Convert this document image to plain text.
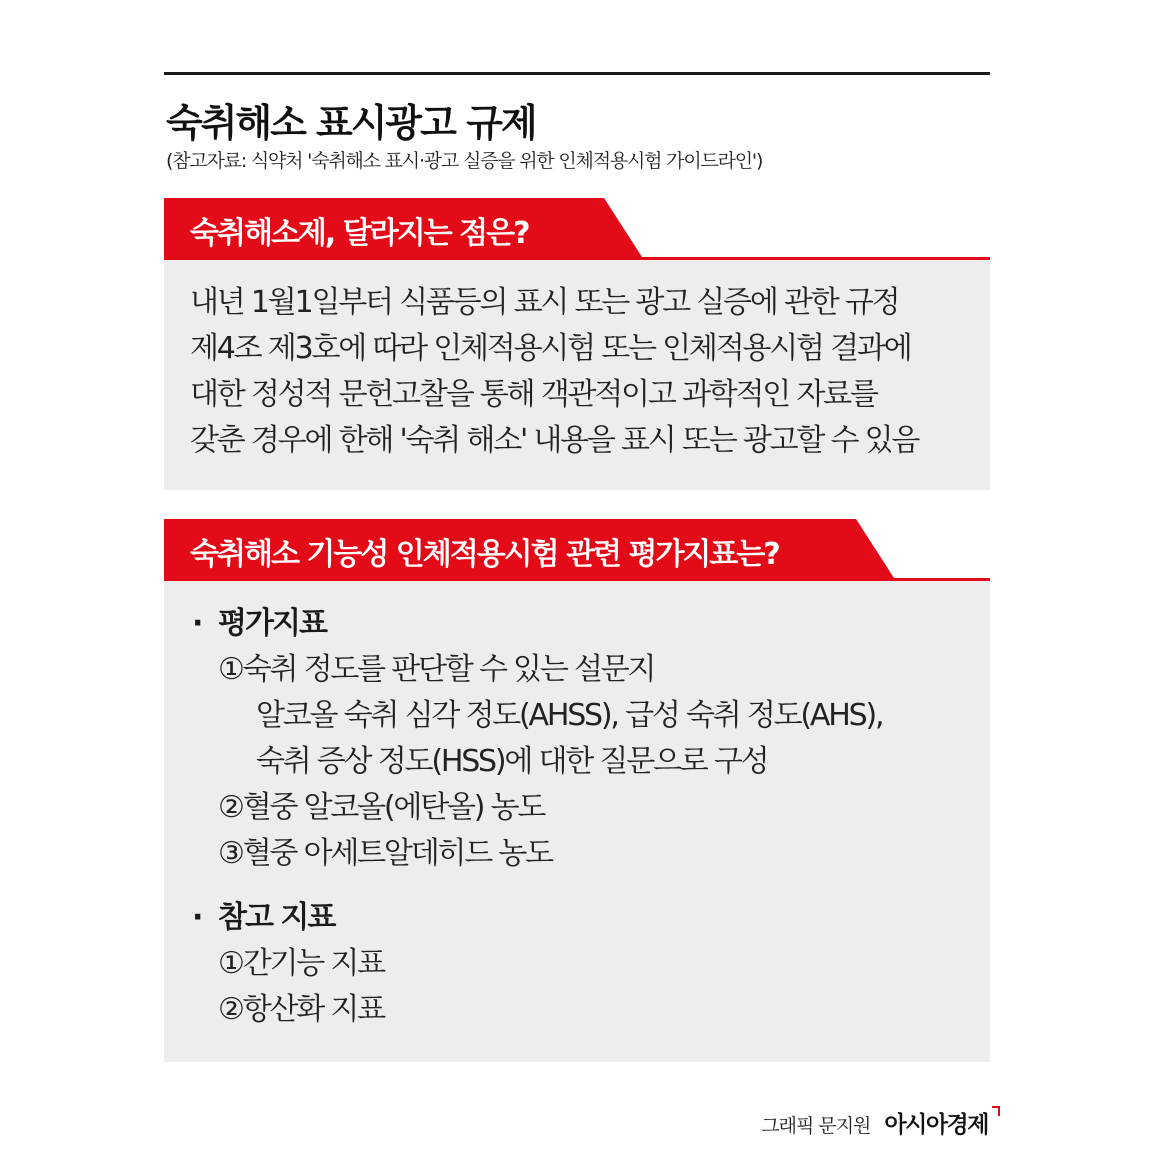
숙취해소 표시광고 규제
(참고자료: 식약처 '숙취해소 표시·광고 실증을 위한 인체적용시험 가이드라인')
숙취해소제, 달라지는 점은?
내년 1월1일부터 식품등의 표시 또는 광고 실증에 관한 규정
제4조 제3호에 따라 인체적용시험 또는 인체적용시험 결과에
대한 정성적 문헌고찰을 통해 객관적이고 과학적인 자료를
갖춘 경우에 한해 '숙취 해소' 내용을 표시 또는 광고할 수 있음
숙취해소 기능성 인체적용시험 관련 평가지표는?
· 평가지표
①숙취 정도를 판단할 수 있는 설문지
알코올 숙취 심각 정도(AHSS), 급성 숙취 정도(AHS),
숙취 증상 정도(HSS)에 대한 질문으로 구성
②혈중 알코올(에탄올) 농도
③혈중 아세트알데히드 농도
· 참고 지표
①간기능 지표
②항산화 지표
그래픽 문지원 아시아경제
